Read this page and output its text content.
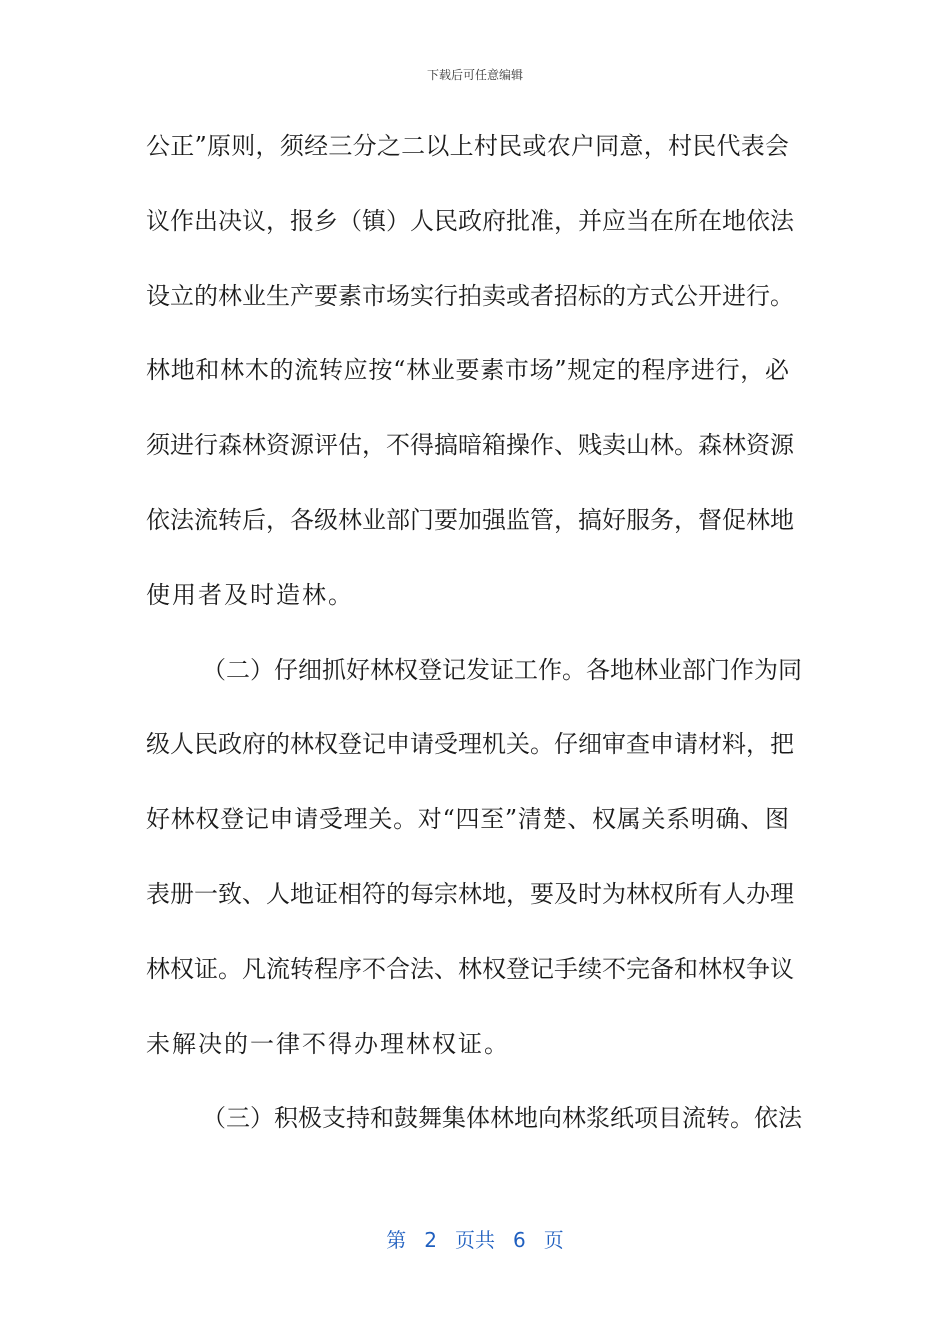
下载后可任意编辑
公正”原则，须经三分之二以上村民或农户同意，村民代表会
议作出决议，报乡（镇）人民政府批准，并应当在所在地依法
设立的林业生产要素市场实行拍卖或者招标的方式公开进行。
林地和林木的流转应按“林业要素市场”规定的程序进行，必
须进行森林资源评估，不得搞暗箱操作、贱卖山林。森林资源
依法流转后，各级林业部门要加强监管，搞好服务，督促林地
使用者及时造林。
（二）仔细抓好林权登记发证工作。各地林业部门作为同
级人民政府的林权登记申请受理机关。仔细审查申请材料，把
好林权登记申请受理关。对“四至”清楚、权属关系明确、图
表册一致、人地证相符的每宗林地，要及时为林权所有人办理
林权证。凡流转程序不合法、林权登记手续不完备和林权争议
未解决的一律不得办理林权证。
（三）积极支持和鼓舞集体林地向林浆纸项目流转。依法
第 2 页共 6 页
